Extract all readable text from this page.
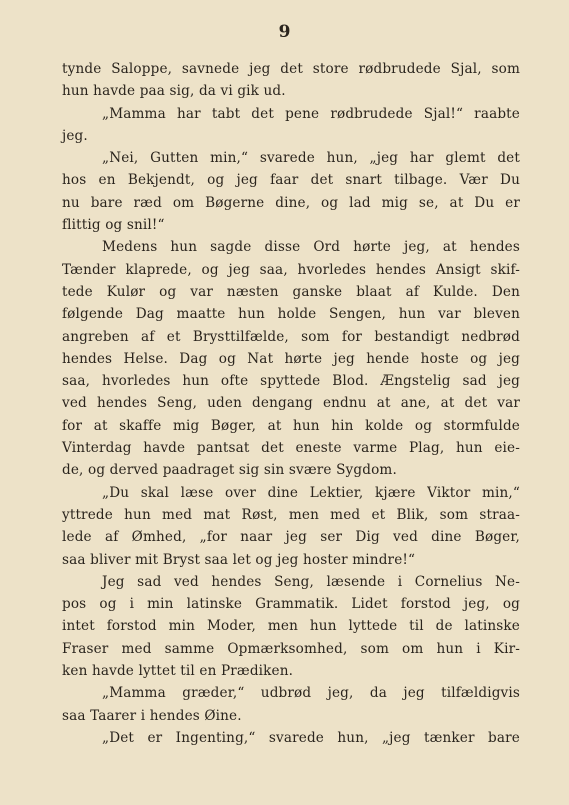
9
tynde Saloppe, savnede jeg det store rødbrudede Sjal, som
hun havde paa sig, da vi gik ud.
„Mamma har tabt det pene rødbrudede Sjal!“ raabte
jeg.
„Nei, Gutten min,“ svarede hun, „jeg har glemt det
hos en Bekjendt, og jeg faar det snart tilbage. Vær Du
nu bare ræd om Bøgerne dine, og lad mig se, at Du er
flittig og snil!“
Medens hun sagde disse Ord hørte jeg, at hendes
Tænder klaprede, og jeg saa, hvorledes hendes Ansigt skif-
tede Kulør og var næsten ganske blaat af Kulde. Den
følgende Dag maatte hun holde Sengen, hun var bleven
angreben af et Brysttilfælde, som for bestandigt nedbrød
hendes Helse. Dag og Nat hørte jeg hende hoste og jeg
saa, hvorledes hun ofte spyttede Blod. Ængstelig sad jeg
ved hendes Seng, uden dengang endnu at ane, at det var
for at skaffe mig Bøger, at hun hin kolde og stormfulde
Vinterdag havde pantsat det eneste varme Plag, hun eie-
de, og derved paadraget sig sin svære Sygdom.
„Du skal læse over dine Lektier, kjære Viktor min,“
yttrede hun med mat Røst, men med et Blik, som straa-
lede af Ømhed, „for naar jeg ser Dig ved dine Bøger,
saa bliver mit Bryst saa let og jeg hoster mindre!“
Jeg sad ved hendes Seng, læsende i Cornelius Ne-
pos og i min latinske Grammatik. Lidet forstod jeg, og
intet forstod min Moder, men hun lyttede til de latinske
Fraser med samme Opmærksomhed, som om hun i Kir-
ken havde lyttet til en Prædiken.
„Mamma græder,“ udbrød jeg, da jeg tilfældigvis
saa Taarer i hendes Øine.
„Det er Ingenting,“ svarede hun, „jeg tænker bare
